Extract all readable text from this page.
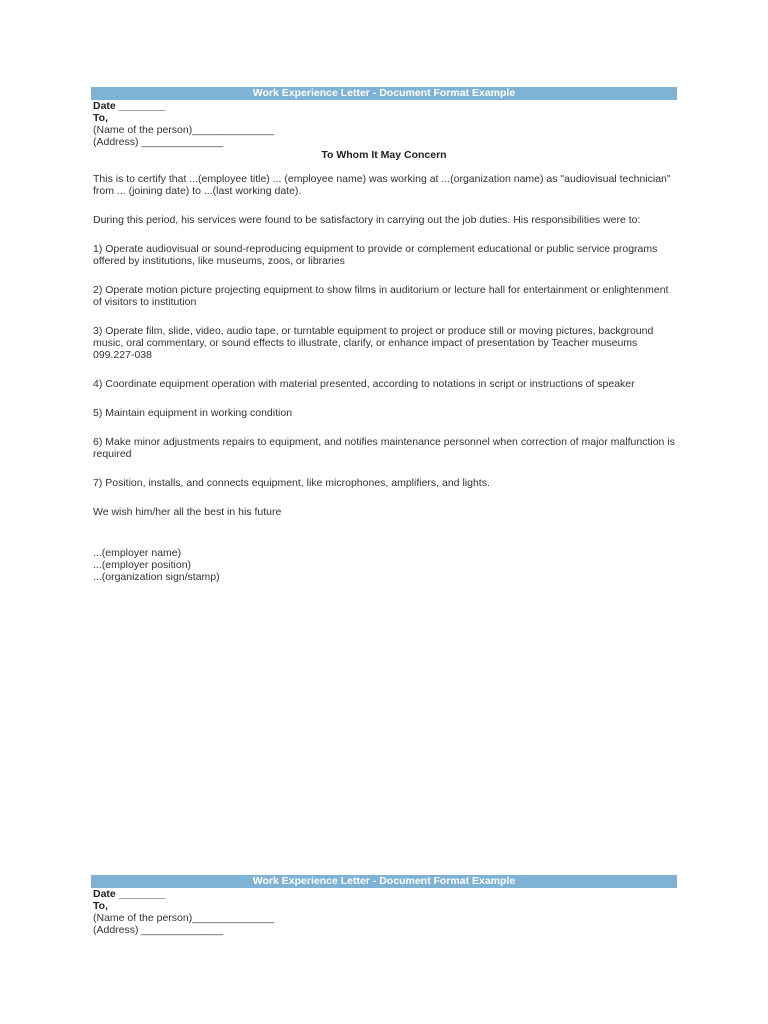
Work Experience Letter - Document Format Example
Date ________
To,
(Name of the person)______________
(Address) ______________
To Whom It May Concern

This is to certify that ...(employee title) ... (employee name) was working at ...(organization name) as "audiovisual technician" from ... (joining date) to ...(last working date).

During this period, his services were found to be satisfactory in carrying out the job duties. His responsibilities were to:

1) Operate audiovisual or sound-reproducing equipment to provide or complement educational or public service programs offered by institutions, like museums, zoos, or libraries

2) Operate motion picture projecting equipment to show films in auditorium or lecture hall for entertainment or enlightenment of visitors to institution

3) Operate film, slide, video, audio tape, or turntable equipment to project or produce still or moving pictures, background music, oral commentary, or sound effects to illustrate, clarify, or enhance impact of presentation by Teacher museums 099.227-038

4) Coordinate equipment operation with material presented, according to notations in script or instructions of speaker

5) Maintain equipment in working condition

6) Make minor adjustments repairs to equipment, and notifies maintenance personnel when correction of major malfunction is required

7) Position, installs, and connects equipment, like microphones, amplifiers, and lights.

We wish him/her all the best in his future

...(employer name)
...(employer position)
...(organization sign/stamp)
Work Experience Letter - Document Format Example
Date ________
To,
(Name of the person)______________
(Address) ______________
